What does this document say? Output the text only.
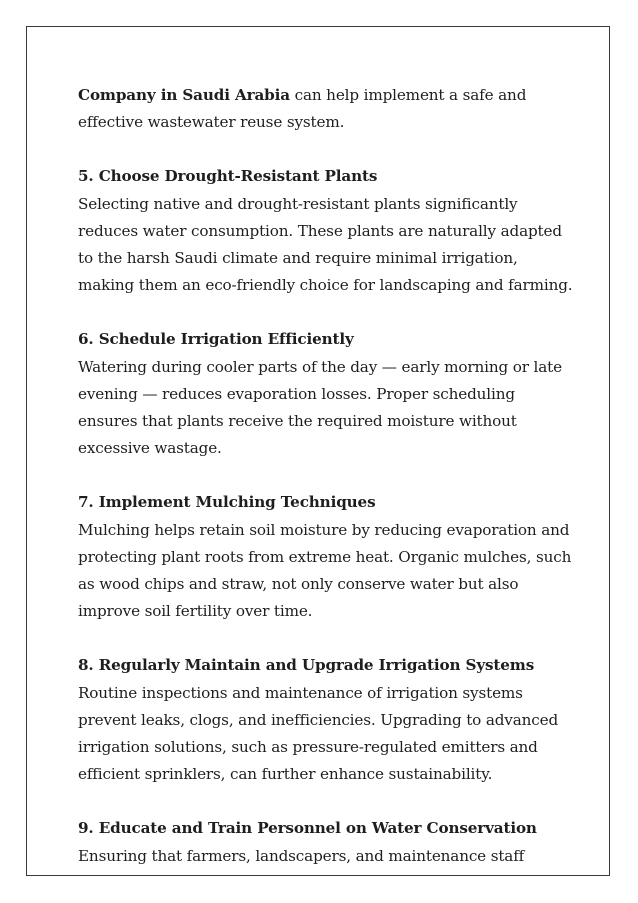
Company in Saudi Arabia can help implement a safe and effective wastewater reuse system.

5. Choose Drought-Resistant Plants

Selecting native and drought-resistant plants significantly reduces water consumption. These plants are naturally adapted to the harsh Saudi climate and require minimal irrigation, making them an eco-friendly choice for landscaping and farming.

6. Schedule Irrigation Efficiently

Watering during cooler parts of the day — early morning or late evening — reduces evaporation losses. Proper scheduling ensures that plants receive the required moisture without excessive wastage.

7. Implement Mulching Techniques

Mulching helps retain soil moisture by reducing evaporation and protecting plant roots from extreme heat. Organic mulches, such as wood chips and straw, not only conserve water but also improve soil fertility over time.

8. Regularly Maintain and Upgrade Irrigation Systems

Routine inspections and maintenance of irrigation systems prevent leaks, clogs, and inefficiencies. Upgrading to advanced irrigation solutions, such as pressure-regulated emitters and efficient sprinklers, can further enhance sustainability.

9. Educate and Train Personnel on Water Conservation

Ensuring that farmers, landscapers, and maintenance staff
